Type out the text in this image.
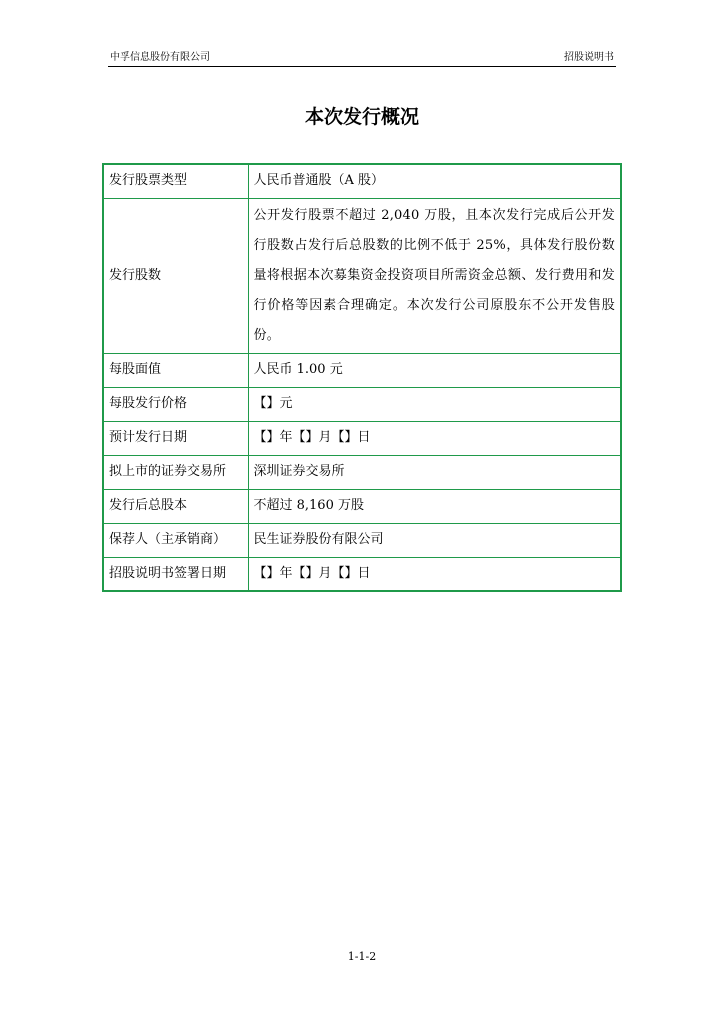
中孚信息股份有限公司	招股说明书
本次发行概况
发行股票类型	人民币普通股（A 股）
发行股数	公开发行股票不超过 2,040 万股，且本次发行完成后公开发行股数占发行后总股数的比例不低于 25%，具体发行股份数量将根据本次募集资金投资项目所需资金总额、发行费用和发行价格等因素合理确定。本次发行公司原股东不公开发售股份。
每股面值	人民币 1.00 元
每股发行价格	【】元
预计发行日期	【】年【】月【】日
拟上市的证券交易所	深圳证券交易所
发行后总股本	不超过 8,160 万股
保荐人（主承销商）	民生证券股份有限公司
招股说明书签署日期	【】年【】月【】日
1-1-2
